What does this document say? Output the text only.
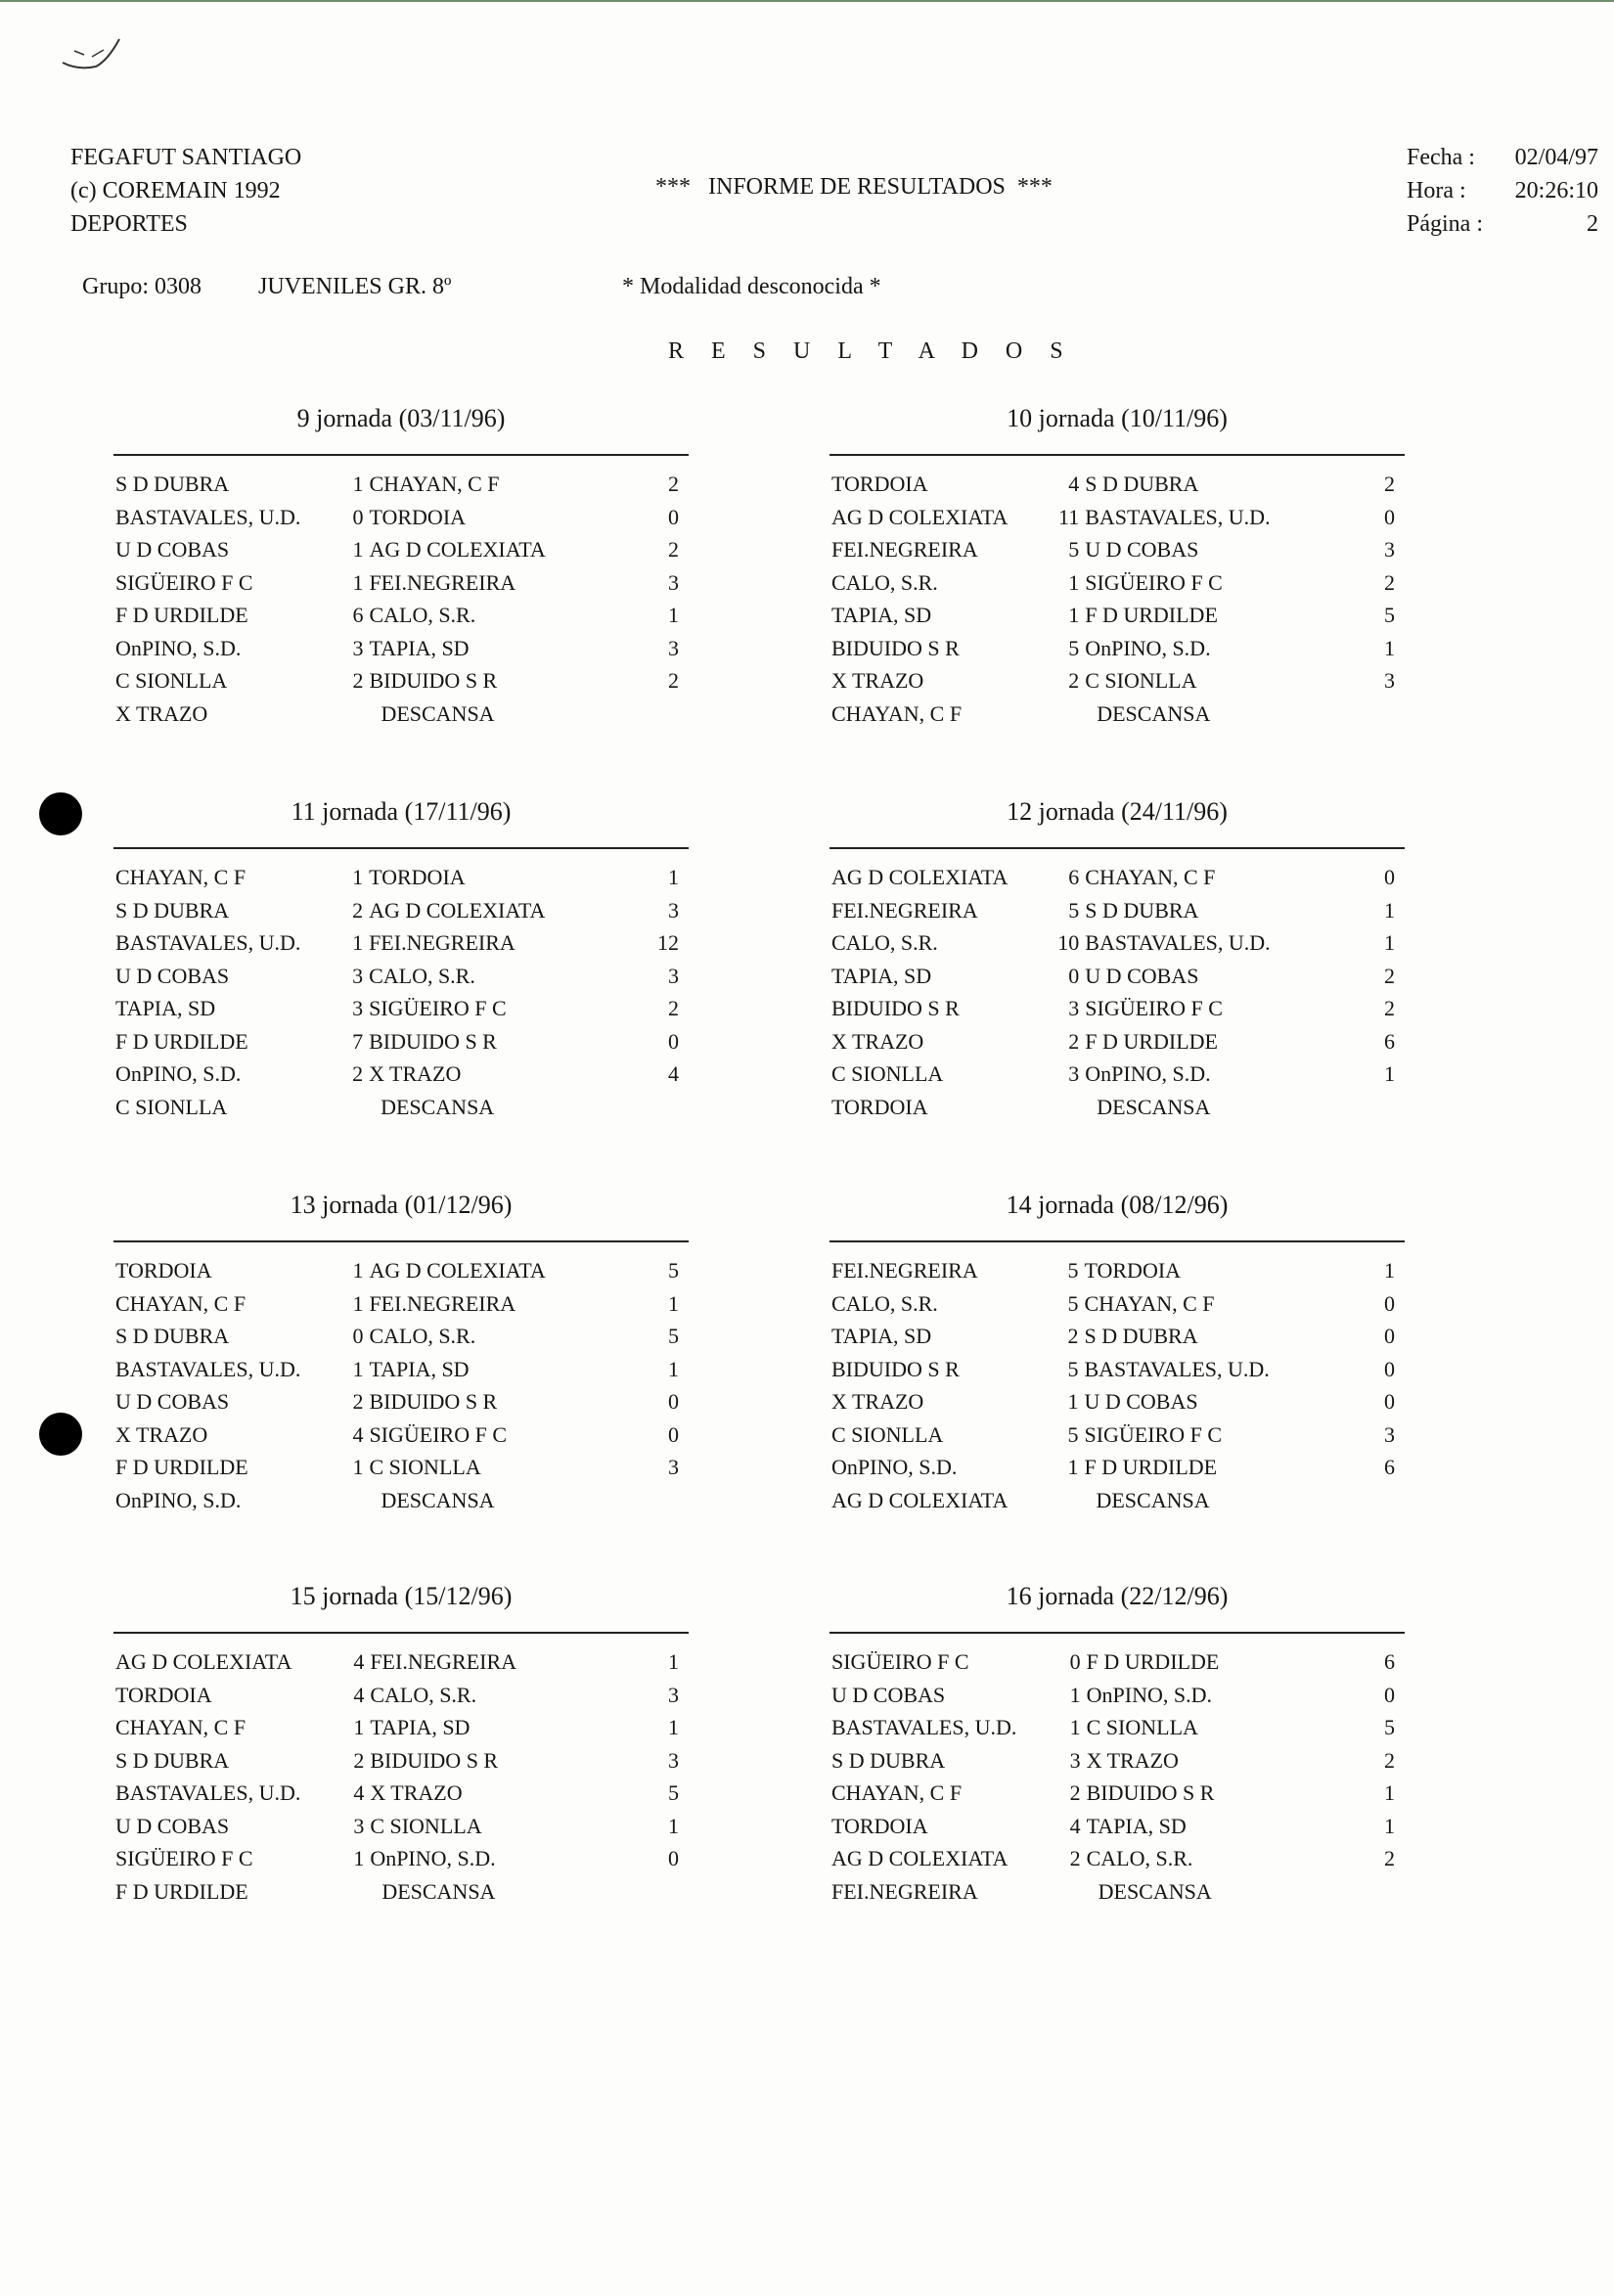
FEGAFUT SANTIAGO
(c) COREMAIN 1992
DEPORTES
***   INFORME DE RESULTADOS  ***
Fecha : 02/04/97
Hora : 20:26:10
Página :	2
Grupo: 0308 JUVENILES GR. 8º	* Modalidad desconocida *
R E S U L T A D O S
9 jornada (03/11/96)
S D DUBRA	1	CHAYAN, C F	2
BASTAVALES, U.D.	0	TORDOIA	0
U D COBAS	1	AG D COLEXIATA	2
SIGÜEIRO F C	1	FEI.NEGREIRA	3
F D URDILDE	6	CALO, S.R.	1
OnPINO, S.D.	3	TAPIA, SD	3
C SIONLLA	2	BIDUIDO S R	2
X TRAZO		DESCANSA	
10 jornada (10/11/96)
TORDOIA	4	S D DUBRA	2
AG D COLEXIATA	11	BASTAVALES, U.D.	0
FEI.NEGREIRA	5	U D COBAS	3
CALO, S.R.	1	SIGÜEIRO F C	2
TAPIA, SD	1	F D URDILDE	5
BIDUIDO S R	5	OnPINO, S.D.	1
X TRAZO	2	C SIONLLA	3
CHAYAN, C F		DESCANSA	
11 jornada (17/11/96)
CHAYAN, C F	1	TORDOIA	1
S D DUBRA	2	AG D COLEXIATA	3
BASTAVALES, U.D.	1	FEI.NEGREIRA	12
U D COBAS	3	CALO, S.R.	3
TAPIA, SD	3	SIGÜEIRO F C	2
F D URDILDE	7	BIDUIDO S R	0
OnPINO, S.D.	2	X TRAZO	4
C SIONLLA		DESCANSA	
12 jornada (24/11/96)
AG D COLEXIATA	6	CHAYAN, C F	0
FEI.NEGREIRA	5	S D DUBRA	1
CALO, S.R.	10	BASTAVALES, U.D.	1
TAPIA, SD	0	U D COBAS	2
BIDUIDO S R	3	SIGÜEIRO F C	2
X TRAZO	2	F D URDILDE	6
C SIONLLA	3	OnPINO, S.D.	1
TORDOIA		DESCANSA	
13 jornada (01/12/96)
TORDOIA	1	AG D COLEXIATA	5
CHAYAN, C F	1	FEI.NEGREIRA	1
S D DUBRA	0	CALO, S.R.	5
BASTAVALES, U.D.	1	TAPIA, SD	1
U D COBAS	2	BIDUIDO S R	0
X TRAZO	4	SIGÜEIRO F C	0
F D URDILDE	1	C SIONLLA	3
OnPINO, S.D.		DESCANSA	
14 jornada (08/12/96)
FEI.NEGREIRA	5	TORDOIA	1
CALO, S.R.	5	CHAYAN, C F	0
TAPIA, SD	2	S D DUBRA	0
BIDUIDO S R	5	BASTAVALES, U.D.	0
X TRAZO	1	U D COBAS	0
C SIONLLA	5	SIGÜEIRO F C	3
OnPINO, S.D.	1	F D URDILDE	6
AG D COLEXIATA		DESCANSA	
15 jornada (15/12/96)
AG D COLEXIATA	4	FEI.NEGREIRA	1
TORDOIA	4	CALO, S.R.	3
CHAYAN, C F	1	TAPIA, SD	1
S D DUBRA	2	BIDUIDO S R	3
BASTAVALES, U.D.	4	X TRAZO	5
U D COBAS	3	C SIONLLA	1
SIGÜEIRO F C	1	OnPINO, S.D.	0
F D URDILDE		DESCANSA	
16 jornada (22/12/96)
SIGÜEIRO F C	0	F D URDILDE	6
U D COBAS	1	OnPINO, S.D.	0
BASTAVALES, U.D.	1	C SIONLLA	5
S D DUBRA	3	X TRAZO	2
CHAYAN, C F	2	BIDUIDO S R	1
TORDOIA	4	TAPIA, SD	1
AG D COLEXIATA	2	CALO, S.R.	2
FEI.NEGREIRA		DESCANSA	
